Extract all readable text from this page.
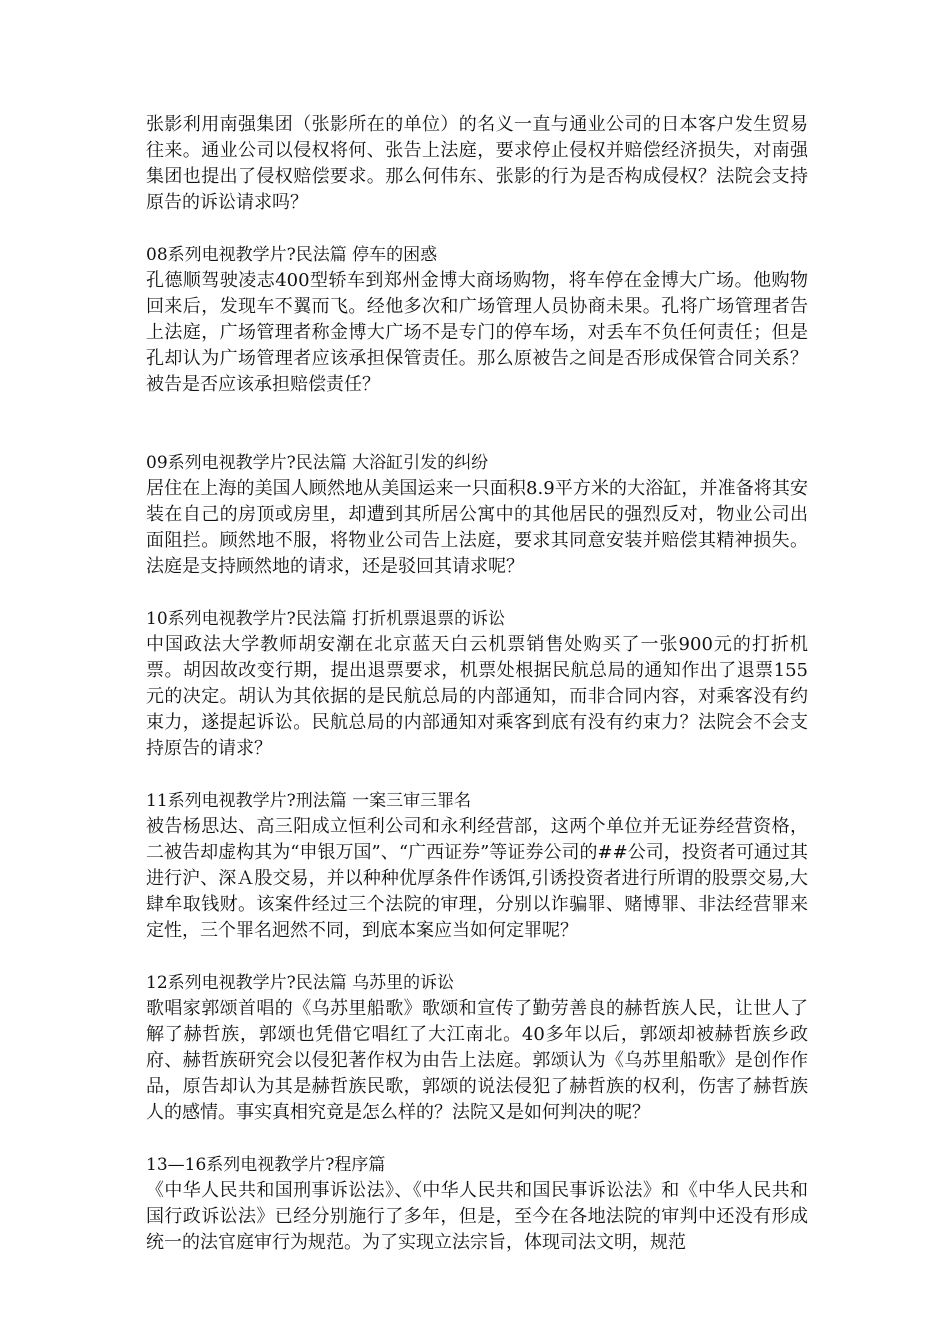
张影利用南强集团（张影所在的单位）的名义一直与通业公司的日本客户发生贸易往来。通业公司以侵权将何、张告上法庭，要求停止侵权并赔偿经济损失，对南强集团也提出了侵权赔偿要求。那么何伟东、张影的行为是否构成侵权？法院会支持原告的诉讼请求吗？

08系列电视教学片?民法篇 停车的困惑

孔德顺驾驶凌志400型轿车到郑州金博大商场购物，将车停在金博大广场。他购物回来后，发现车不翼而飞。经他多次和广场管理人员协商未果。孔将广场管理者告上法庭，广场管理者称金博大广场不是专门的停车场，对丢车不负任何责任；但是孔却认为广场管理者应该承担保管责任。那么原被告之间是否形成保管合同关系？被告是否应该承担赔偿责任？

09系列电视教学片?民法篇 大浴缸引发的纠纷

居住在上海的美国人顾然地从美国运来一只面积8.9平方米的大浴缸，并准备将其安装在自己的房顶或房里，却遭到其所居公寓中的其他居民的强烈反对，物业公司出面阻拦。顾然地不服，将物业公司告上法庭，要求其同意安装并赔偿其精神损失。法庭是支持顾然地的请求，还是驳回其请求呢？

10系列电视教学片?民法篇 打折机票退票的诉讼

中国政法大学教师胡安潮在北京蓝天白云机票销售处购买了一张900元的打折机票。胡因故改变行期，提出退票要求，机票处根据民航总局的通知作出了退票155元的决定。胡认为其依据的是民航总局的内部通知，而非合同内容，对乘客没有约束力，遂提起诉讼。民航总局的内部通知对乘客到底有没有约束力？法院会不会支持原告的请求？

11系列电视教学片?刑法篇 一案三审三罪名

被告杨思达、高三阳成立恒利公司和永利经营部，这两个单位并无证券经营资格，二被告却虚构其为“申银万国”、“广西证券”等证券公司的##公司，投资者可通过其进行沪、深Ａ股交易，并以种种优厚条件作诱饵,引诱投资者进行所谓的股票交易,大肆牟取钱财。该案件经过三个法院的审理，分别以诈骗罪、赌博罪、非法经营罪来定性，三个罪名迥然不同，到底本案应当如何定罪呢？

12系列电视教学片?民法篇 乌苏里的诉讼

歌唱家郭颂首唱的《乌苏里船歌》歌颂和宣传了勤劳善良的赫哲族人民，让世人了解了赫哲族，郭颂也凭借它唱红了大江南北。40多年以后，郭颂却被赫哲族乡政府、赫哲族研究会以侵犯著作权为由告上法庭。郭颂认为《乌苏里船歌》是创作作品，原告却认为其是赫哲族民歌，郭颂的说法侵犯了赫哲族的权利，伤害了赫哲族人的感情。事实真相究竟是怎么样的？法院又是如何判决的呢？

13—16系列电视教学片?程序篇

《中华人民共和国刑事诉讼法》、《中华人民共和国民事诉讼法》和《中华人民共和国行政诉讼法》已经分别施行了多年，但是，至今在各地法院的审判中还没有形成统一的法官庭审行为规范。为了实现立法宗旨，体现司法文明，规范
